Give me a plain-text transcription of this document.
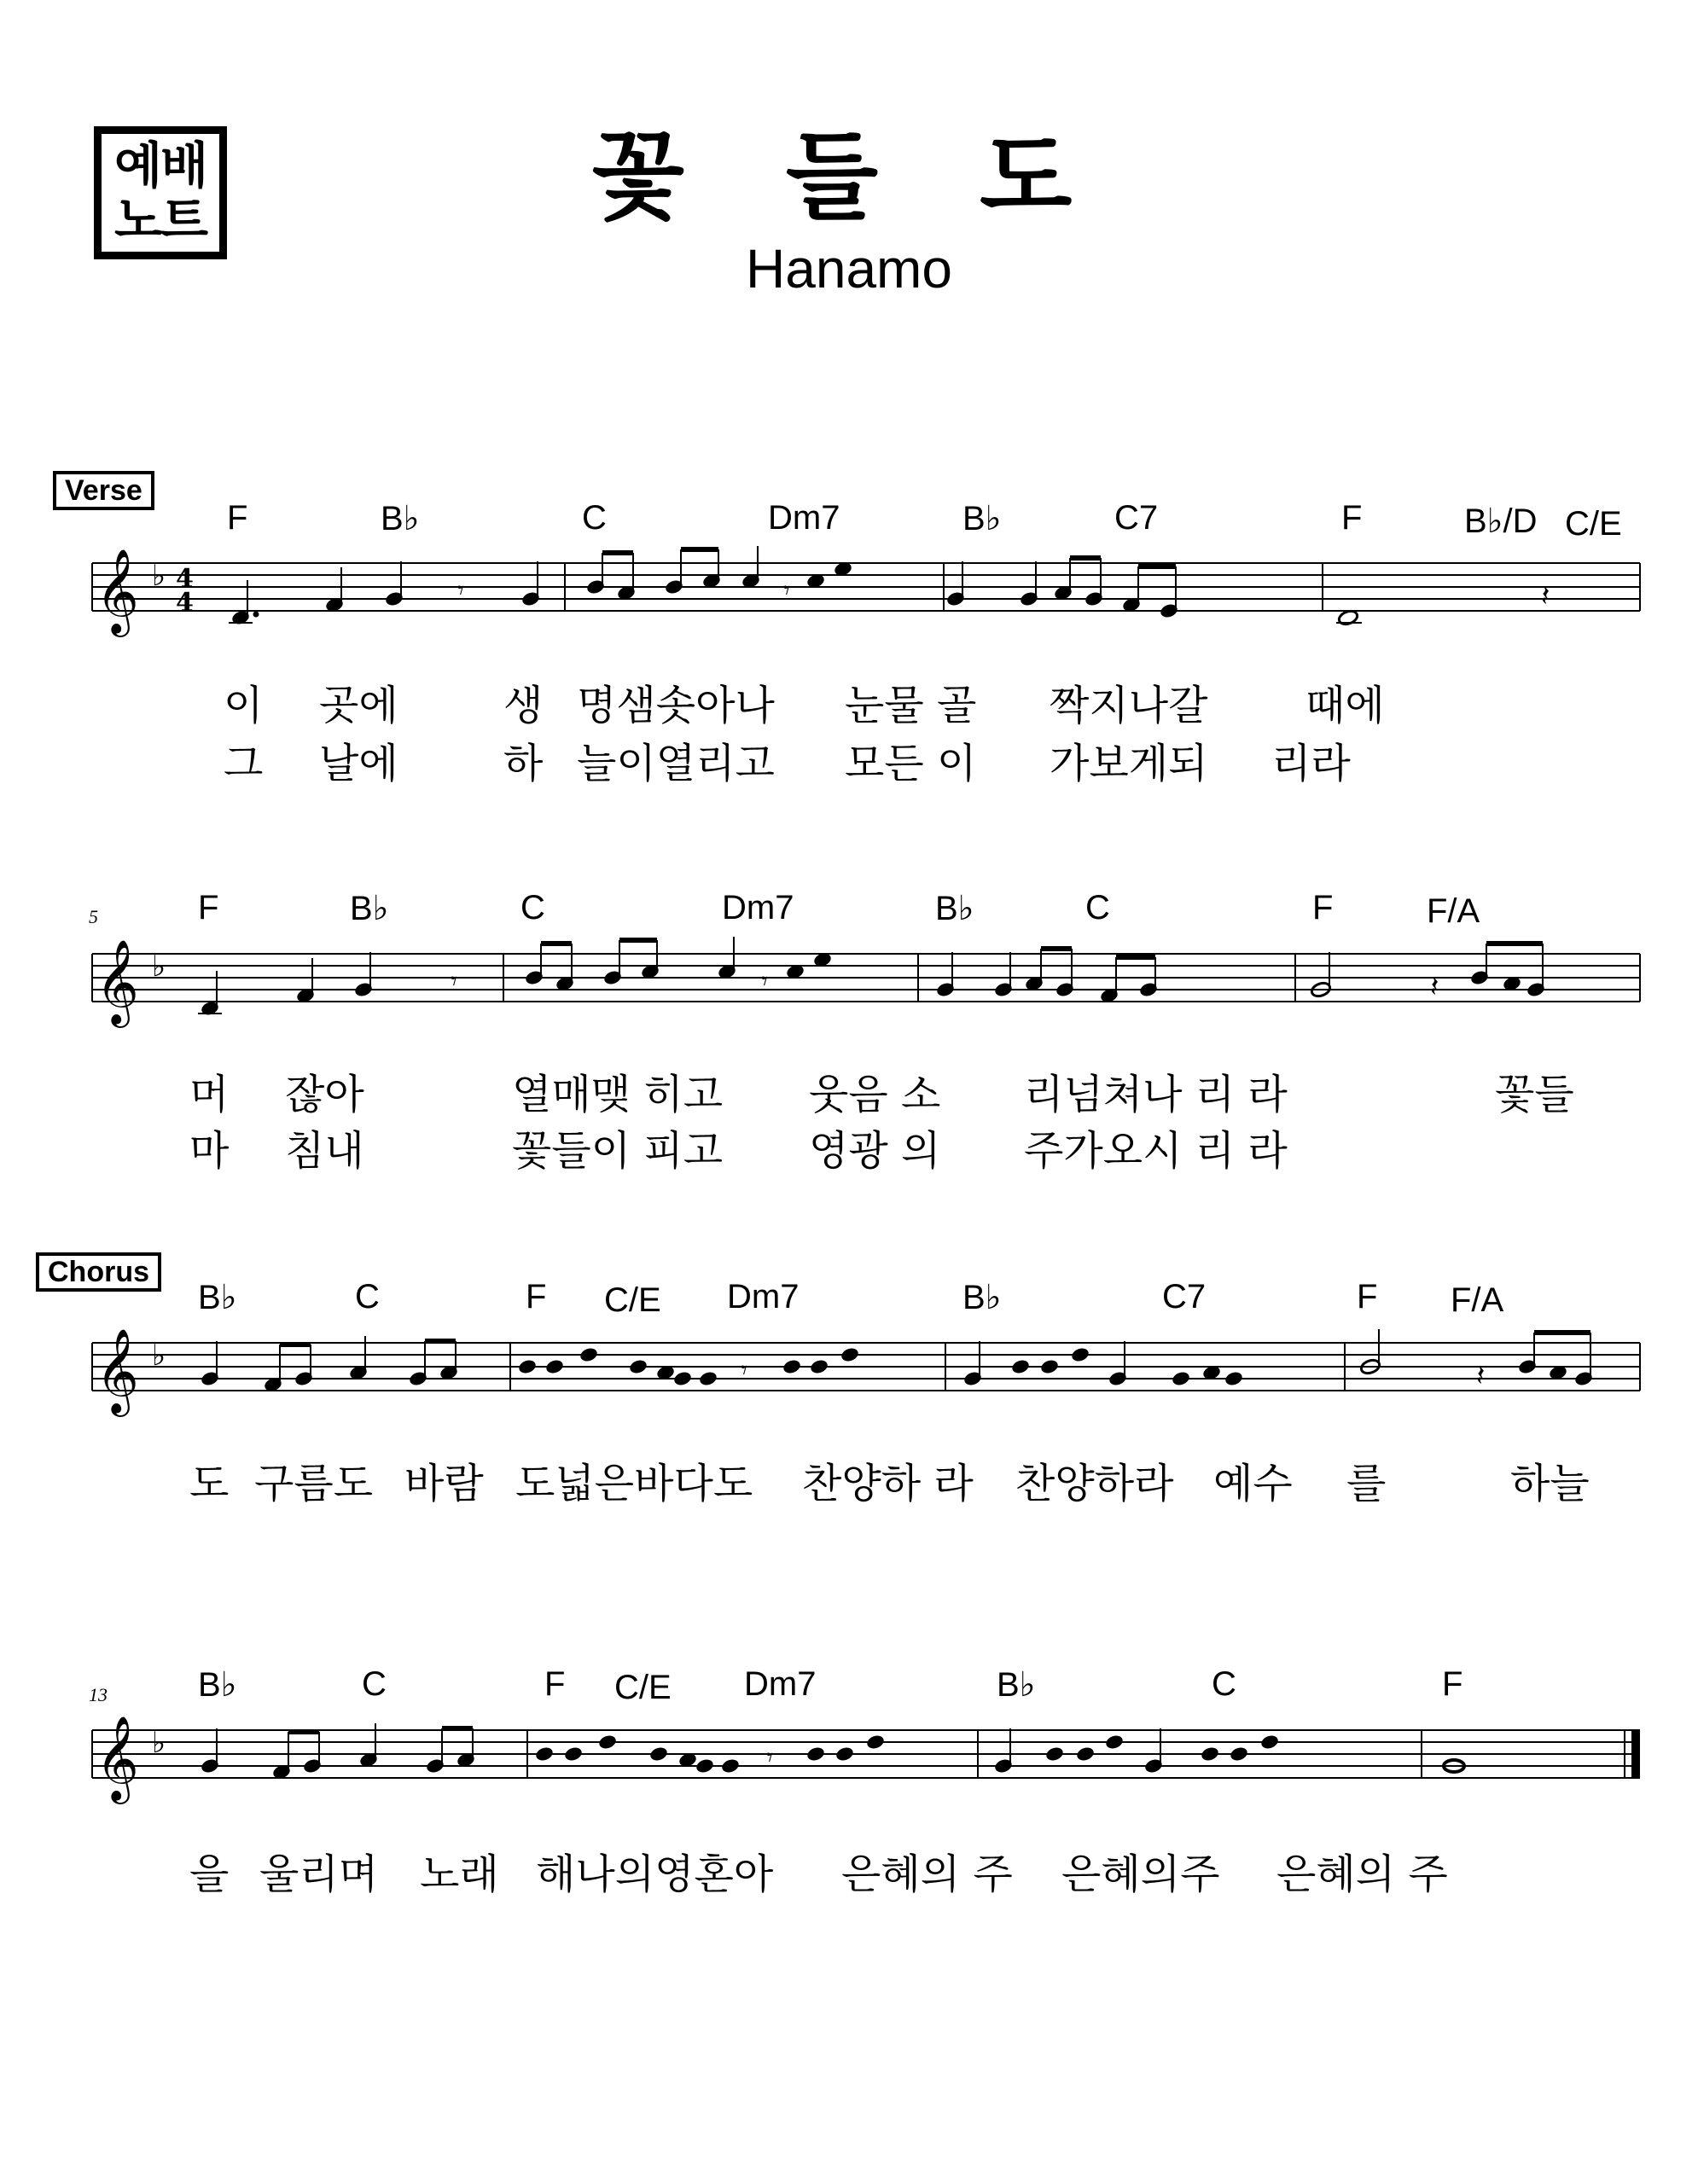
예배
노트	꽃 들 도
Hanamo
Verse
Chorus
F	B♭	C	Dm7	B♭	C7	F	B♭/D C/E
𝄞 ♭ 4
4	𝄽
𝄾	𝄾
이 곳에	생 명샘솟아나 눈물 골 짝지나갈 때에
그 날에	하 늘이열리고 모든 이 가보게되 리라
5	F	B♭	C	Dm7	B♭	C	F	F/A
𝄞 ♭
𝄽
𝄾	𝄾
머 잖아	열매맺 히고 웃음 소 리넘쳐나 리 라	꽃들
마 침내	꽃들이 피고 영광 의 주가오시 리 라
B♭	C	F C/E Dm7	B♭	C7	F F/A
𝄞 ♭
𝄽
𝄾
도 구름도 바람 도넓은바다도 찬양하 라 찬양하라 예수 를	하늘
13	B♭	C	F C/E Dm7	B♭	C	F
𝄞 ♭	𝄾
을 울리며 노래 해나의영혼아 은혜의 주 은혜의주 은혜의 주
